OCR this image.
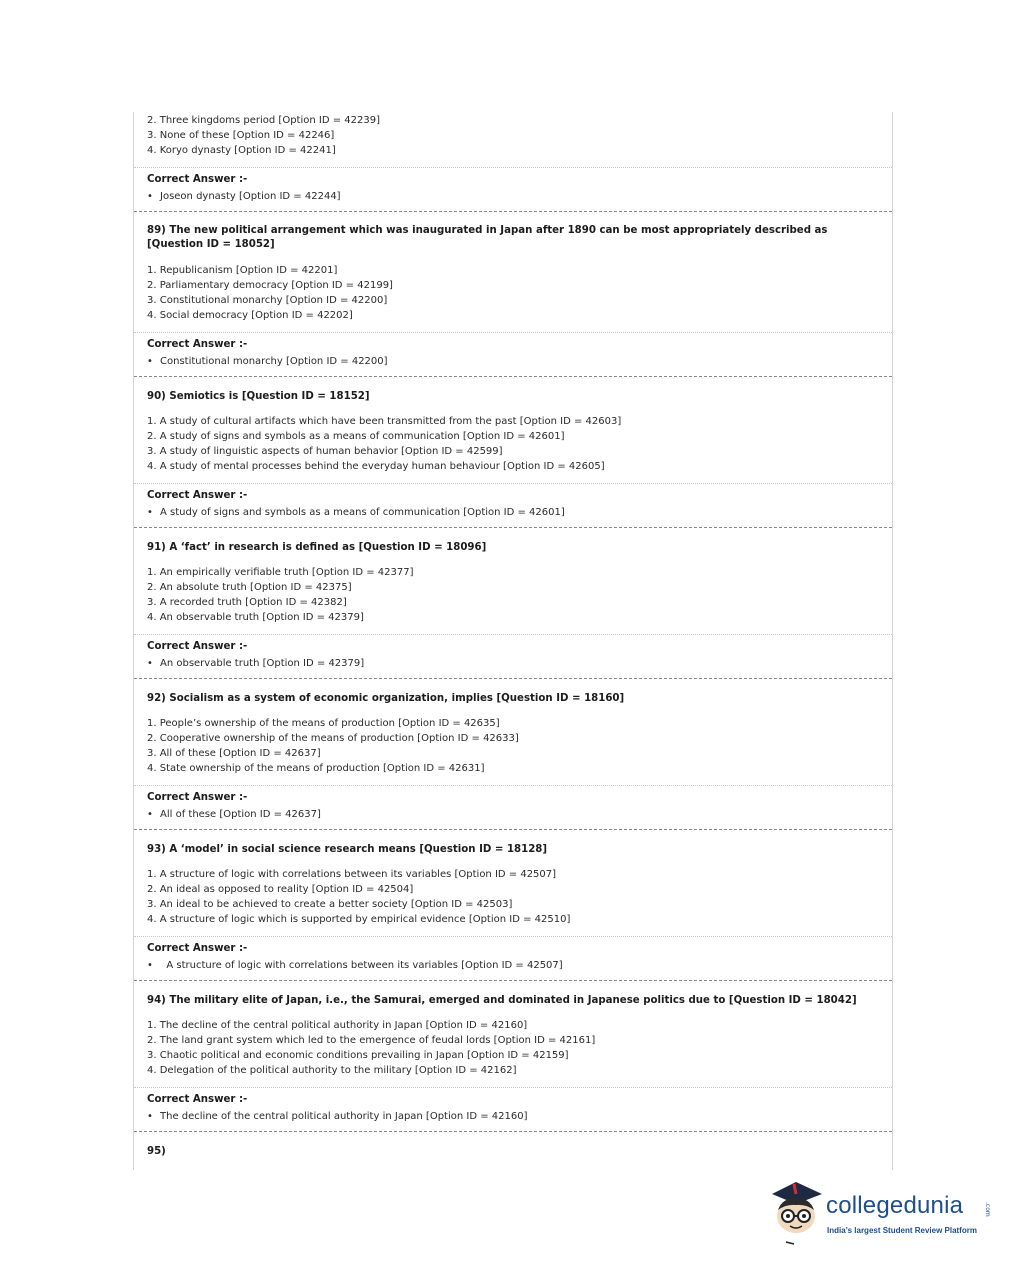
2. Three kingdoms period [Option ID = 42239]
3. None of these [Option ID = 42246]
4. Koryo dynasty [Option ID = 42241]
Correct Answer :-
• Joseon dynasty [Option ID = 42244]
89) The new political arrangement which was inaugurated in Japan after 1890 can be most appropriately described as [Question ID = 18052]
1. Republicanism [Option ID = 42201]
2. Parliamentary democracy [Option ID = 42199]
3. Constitutional monarchy [Option ID = 42200]
4. Social democracy [Option ID = 42202]
Correct Answer :-
• Constitutional monarchy [Option ID = 42200]
90) Semiotics is [Question ID = 18152]
1. A study of cultural artifacts which have been transmitted from the past [Option ID = 42603]
2. A study of signs and symbols as a means of communication [Option ID = 42601]
3. A study of linguistic aspects of human behavior [Option ID = 42599]
4. A study of mental processes behind the everyday human behaviour [Option ID = 42605]
Correct Answer :-
• A study of signs and symbols as a means of communication [Option ID = 42601]
91) A ‘fact’ in research is defined as [Question ID = 18096]
1. An empirically verifiable truth [Option ID = 42377]
2. An absolute truth [Option ID = 42375]
3. A recorded truth [Option ID = 42382]
4. An observable truth [Option ID = 42379]
Correct Answer :-
• An observable truth [Option ID = 42379]
92) Socialism as a system of economic organization, implies [Question ID = 18160]
1. People’s ownership of the means of production [Option ID = 42635]
2. Cooperative ownership of the means of production [Option ID = 42633]
3. All of these [Option ID = 42637]
4. State ownership of the means of production [Option ID = 42631]
Correct Answer :-
• All of these [Option ID = 42637]
93) A ‘model’ in social science research means [Question ID = 18128]
1. A structure of logic with correlations between its variables [Option ID = 42507]
2. An ideal as opposed to reality [Option ID = 42504]
3. An ideal to be achieved to create a better society [Option ID = 42503]
4. A structure of logic which is supported by empirical evidence [Option ID = 42510]
Correct Answer :-
•  A structure of logic with correlations between its variables [Option ID = 42507]
94) The military elite of Japan, i.e., the Samurai, emerged and dominated in Japanese politics due to [Question ID = 18042]
1. The decline of the central political authority in Japan [Option ID = 42160]
2. The land grant system which led to the emergence of feudal lords [Option ID = 42161]
3. Chaotic political and economic conditions prevailing in Japan [Option ID = 42159]
4. Delegation of the political authority to the military [Option ID = 42162]
Correct Answer :-
• The decline of the central political authority in Japan [Option ID = 42160]
95)
collegedunia	.com
India’s largest Student Review Platform
